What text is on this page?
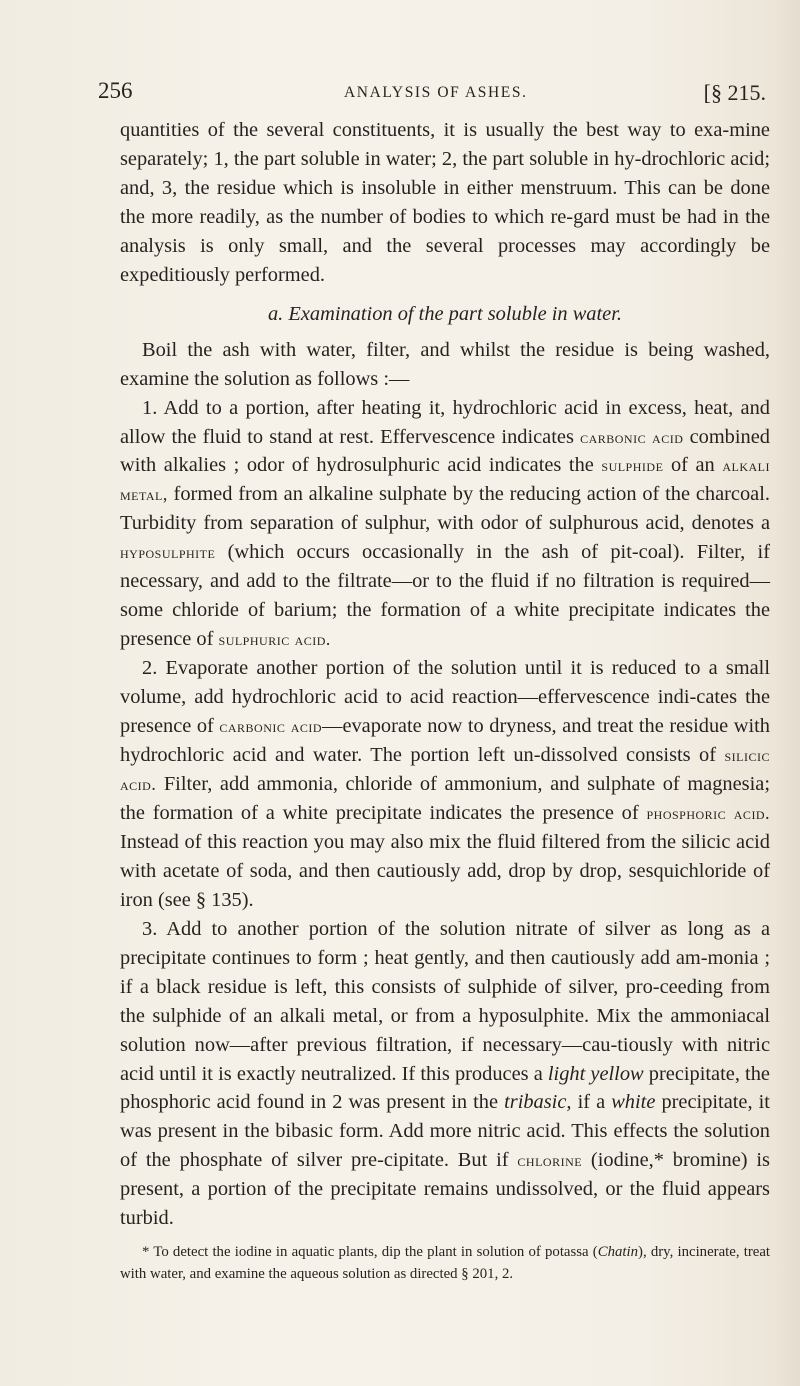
256	ANALYSIS OF ASHES.	[§ 215.

quantities of the several constituents, it is usually the best way to exa-mine separately; 1, the part soluble in water; 2, the part soluble in hy-drochloric acid; and, 3, the residue which is insoluble in either menstruum. This can be done the more readily, as the number of bodies to which re-gard must be had in the analysis is only small, and the several processes may accordingly be expeditiously performed.

a. Examination of the part soluble in water.

Boil the ash with water, filter, and whilst the residue is being washed, examine the solution as follows :—

1. Add to a portion, after heating it, hydrochloric acid in excess, heat, and allow the fluid to stand at rest. Effervescence indicates carbonic acid combined with alkalies ; odor of hydrosulphuric acid indicates the sulphide of an alkali metal, formed from an alkaline sulphate by the reducing action of the charcoal. Turbidity from separation of sulphur, with odor of sulphurous acid, denotes a hyposulphite (which occurs occasionally in the ash of pit-coal). Filter, if necessary, and add to the filtrate—or to the fluid if no filtration is required—some chloride of barium; the formation of a white precipitate indicates the presence of sulphuric acid.

2. Evaporate another portion of the solution until it is reduced to a small volume, add hydrochloric acid to acid reaction—effervescence indi-cates the presence of carbonic acid—evaporate now to dryness, and treat the residue with hydrochloric acid and water. The portion left un-dissolved consists of silicic acid. Filter, add ammonia, chloride of ammonium, and sulphate of magnesia; the formation of a white precipitate indicates the presence of phosphoric acid. Instead of this reaction you may also mix the fluid filtered from the silicic acid with acetate of soda, and then cautiously add, drop by drop, sesquichloride of iron (see § 135).

3. Add to another portion of the solution nitrate of silver as long as a precipitate continues to form ; heat gently, and then cautiously add am-monia ; if a black residue is left, this consists of sulphide of silver, pro-ceeding from the sulphide of an alkali metal, or from a hyposulphite. Mix the ammoniacal solution now—after previous filtration, if necessary—cau-tiously with nitric acid until it is exactly neutralized. If this produces a light yellow precipitate, the phosphoric acid found in 2 was present in the tribasic, if a white precipitate, it was present in the bibasic form. Add more nitric acid. This effects the solution of the phosphate of silver pre-cipitate. But if chlorine (iodine,* bromine) is present, a portion of the precipitate remains undissolved, or the fluid appears turbid.

* To detect the iodine in aquatic plants, dip the plant in solution of potassa (Chatin), dry, incinerate, treat with water, and examine the aqueous solution as directed § 201, 2.
